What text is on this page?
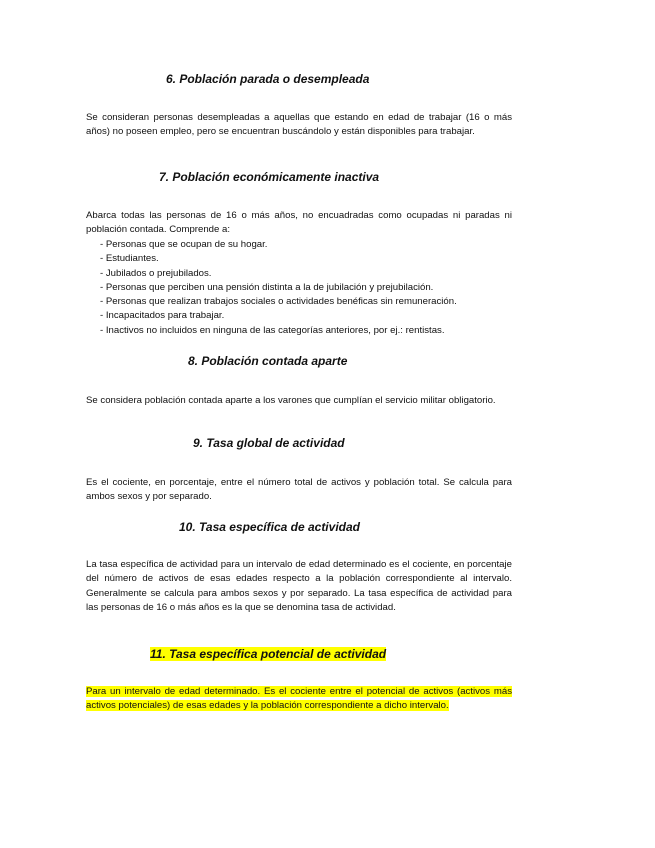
6. Población parada o desempleada

Se consideran personas desempleadas a aquellas que estando en edad de trabajar (16 o más años) no poseen empleo, pero se encuentran buscándolo y están disponibles para trabajar.

7. Población económicamente inactiva

Abarca todas las personas de 16 o más años, no encuadradas como ocupadas ni paradas ni población contada. Comprende a:

- Personas que se ocupan de su hogar.
- Estudiantes.
- Jubilados o prejubilados.
- Personas que perciben una pensión distinta a la de jubilación y prejubilación.
- Personas que realizan trabajos sociales o actividades benéficas sin remuneración.
- Incapacitados para trabajar.
- Inactivos no incluidos en ninguna de las categorías anteriores, por ej.: rentistas.
8. Población contada aparte

Se considera población contada aparte a los varones que cumplían el servicio militar obligatorio.

9. Tasa global de actividad

Es el cociente, en porcentaje, entre el número total de activos y población total. Se calcula para ambos sexos y por separado.

10. Tasa específica de actividad

La tasa específica de actividad para un intervalo de edad determinado es el cociente, en porcentaje del número de activos de esas edades respecto a la población correspondiente al intervalo. Generalmente se calcula para ambos sexos y por separado. La tasa específica de actividad para las personas de 16 o más años es la que se denomina tasa de actividad.

11. Tasa específica potencial de actividad

Para un intervalo de edad determinado. Es el cociente entre el potencial de activos (activos más activos potenciales) de esas edades y la población correspondiente a dicho intervalo.
